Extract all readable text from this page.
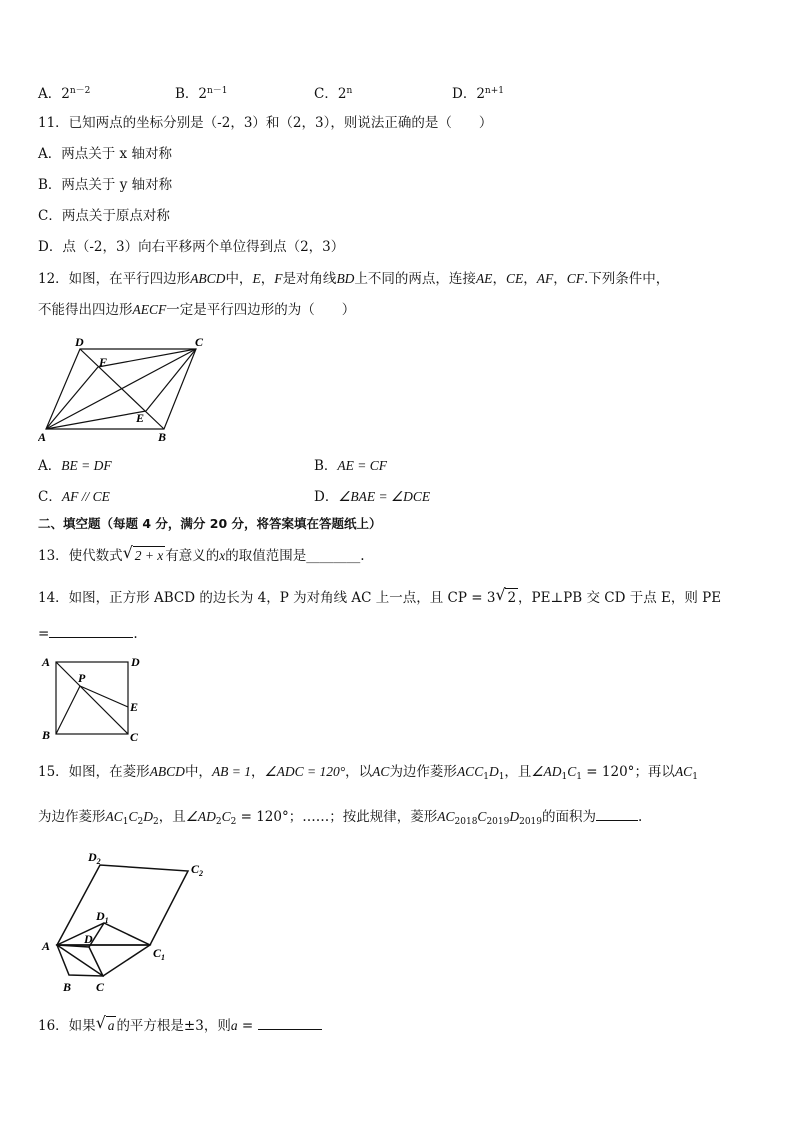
A．$2^{n-2}$	B．$2^{n-1}$	C．2$^n$	D．$2^{n+1}$
11．已知两点的坐标分别是（-2，3）和（2，3），则说法正确的是（　　）
A．两点关于 x 轴对称
B．两点关于 y 轴对称
C．两点关于原点对称
D．点（-2，3）向右平移两个单位得到点（2，3）
12．如图，在平行四边形ABCD中，E，F是对角线BD上不同的两点，连接AE，CE，AF，CF.下列条件中，
不能得出四边形AECF一定是平行四边形的为（　　）
A	B
C
D
E
F
A．BE = DF	B．AE = CF
C．AF // CE	D．∠BAE = ∠DCE
二、填空题（每题 4 分，满分 20 分，将答案填在答题纸上）
13．使代数式 √ 2 + x 有意义的x的取值范围是________.
14．如图，正方形 ABCD 的边长为 4，P 为对角线 AC 上一点，且 CP = 3 √ 2 ，PE⊥PB 交 CD 于点 E，则 PE
=	.
A	D
B	C
P
E
15．如图，在菱形ABCD中，AB = 1，∠ADC = 120°，以AC为边作菱形$ACC_1D_1$，且$\angle AD_1C_1 = 120^\circ$；再以$AC_1$
为边作菱形$AC_1C_2D_2$，且$\angle AD_2C_2 = 120^\circ$；……；按此规律，菱形$AC_{2018}C_{2019}D_{2019}$的面积为	.
A
B C
D
$D_1$
$C_1$
$D_2$
$C_2$
16．如果 √ a 的平方根是±3，则a =
